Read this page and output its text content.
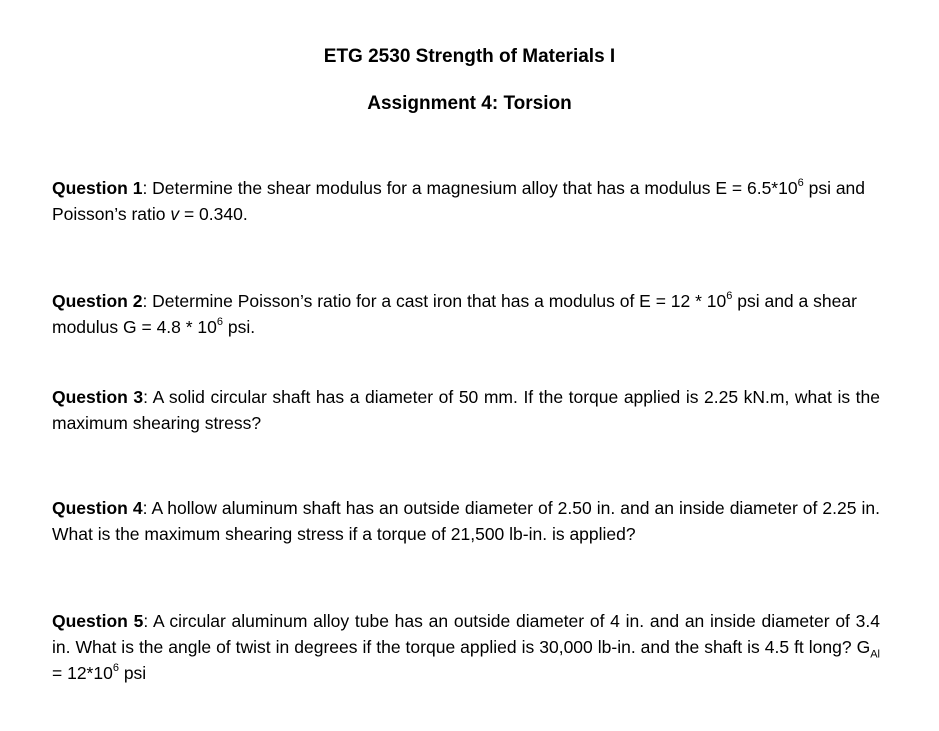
ETG 2530 Strength of Materials I
Assignment 4: Torsion
Question 1: Determine the shear modulus for a magnesium alloy that has a modulus $E = 6.5*10^6$ psi and Poisson’s ratio v = 0.340.
Question 2: Determine Poisson’s ratio for a cast iron that has a modulus of $E = 12 * 10^6$ psi and a shear modulus $G = 4.8 * 10^6$ psi.
Question 3: A solid circular shaft has a diameter of 50 mm. If the torque applied is 2.25 kN.m, what is the maximum shearing stress?
Question 4: A hollow aluminum shaft has an outside diameter of 2.50 in. and an inside diameter of 2.25 in. What is the maximum shearing stress if a torque of 21,500 lb-in. is applied?
Question 5: A circular aluminum alloy tube has an outside diameter of 4 in. and an inside diameter of 3.4 in. What is the angle of twist in degrees if the torque applied is 30,000 lb-in. and the shaft is 4.5 ft long? $G_{Al} = 12*10^6$ psi
